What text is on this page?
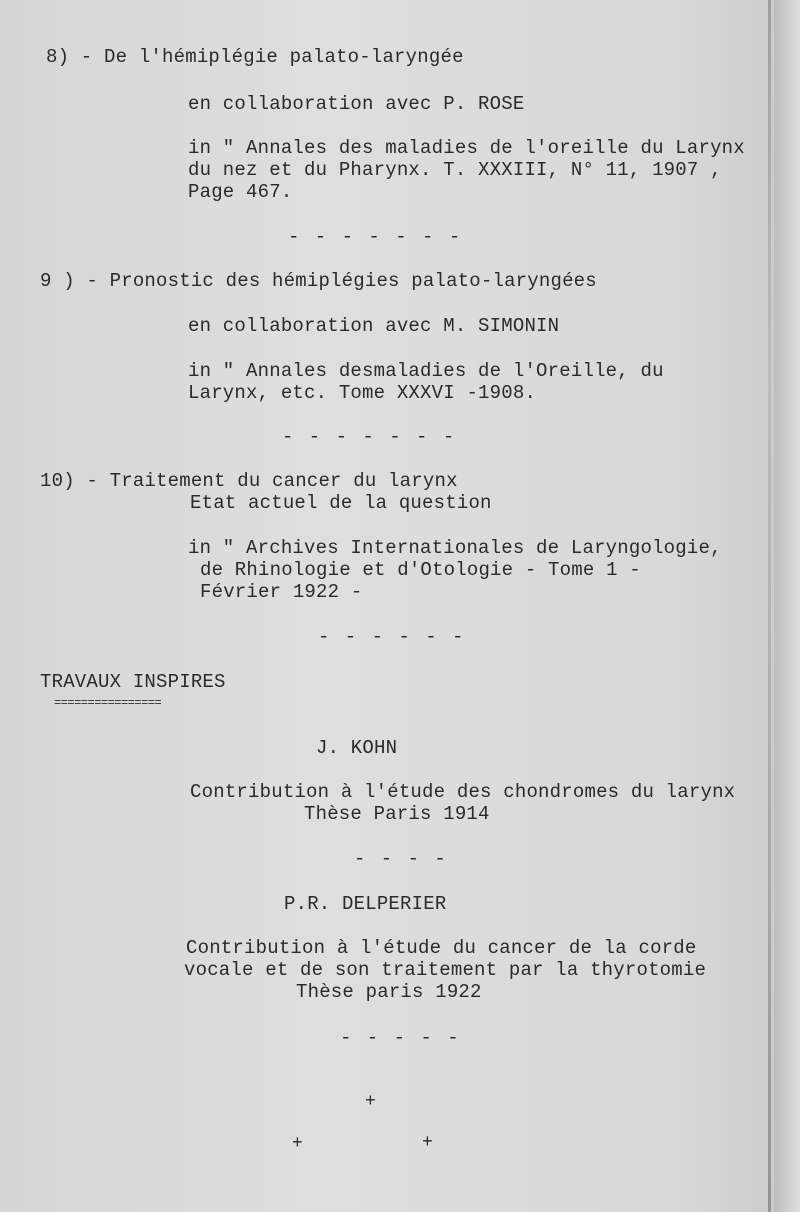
8) - De l'hémiplégie palato-laryngée
en collaboration avec P. ROSE
in " Annales des maladies de l'oreille du Larynx
du nez et du Pharynx. T. XXXIII, N° 11, 1907 ,
Page 467.
- - - - - - -
9 ) - Pronostic des hémiplégies palato-laryngées
en collaboration avec M. SIMONIN
in " Annales desmaladies de l'Oreille, du
Larynx, etc. Tome XXXVI -1908.
- - - - - - -
10) - Traitement du cancer du larynx
Etat actuel de la question
in " Archives Internationales de Laryngologie,
de Rhinologie et d'Otologie - Tome 1 -
Février 1922 -
- - - - - -
TRAVAUX INSPIRES
================
J. KOHN
Contribution à l'étude des chondromes du larynx
Thèse Paris 1914
- - - -
P.R. DELPERIER
Contribution à l'étude du cancer de la corde
vocale et de son traitement par la thyrotomie
Thèse paris 1922
- - - - -
+
+	+
